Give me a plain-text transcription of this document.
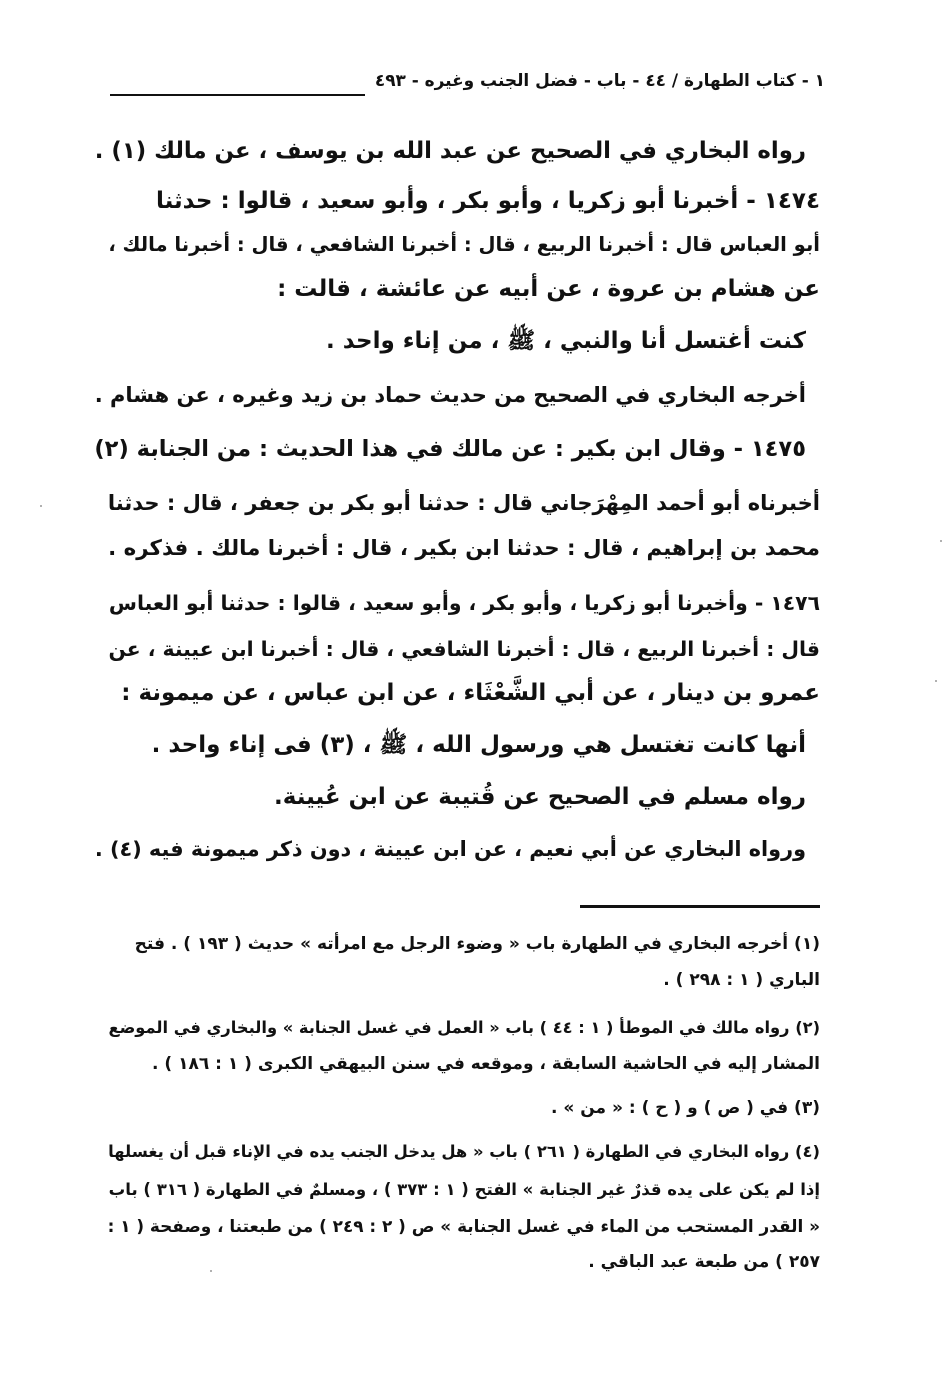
١ - كتاب الطهارة / ٤٤ - باب - فضل الجنب وغيره - ٤٩٣
رواه البخاري في الصحيح عن عبد الله بن يوسف ، عن مالك (١) .
١٤٧٤ - أخبرنا أبو زكريا ، وأبو بكر ، وأبو سعيد ، قالوا : حدثنا
أبو العباس قال : أخبرنا الربيع ، قال : أخبرنا الشافعي ، قال : أخبرنا مالك ،
عن هشام بن عروة ، عن أبيه عن عائشة ، قالت :
كنت أغتسل أنا والنبي ، ﷺ ، من إناء واحد .
أخرجه البخاري في الصحيح من حديث حماد بن زيد وغيره ، عن هشام .
١٤٧٥ - وقال ابن بكير : عن مالك في هذا الحديث : من الجنابة (٢)
أخبرناه أبو أحمد المِهْرَجاني قال : حدثنا أبو بكر بن جعفر ، قال : حدثنا
محمد بن إبراهيم ، قال : حدثنا ابن بكير ، قال : أخبرنا مالك . فذكره .
١٤٧٦ - وأخبرنا أبو زكريا ، وأبو بكر ، وأبو سعيد ، قالوا : حدثنا أبو العباس
قال : أخبرنا الربيع ، قال : أخبرنا الشافعي ، قال : أخبرنا ابن عيينة ، عن
عمرو بن دينار ، عن أبي الشَّعْثَاء ، عن ابن عباس ، عن ميمونة :
أنها كانت تغتسل هي ورسول الله ، ﷺ ، (٣) فى إناء واحد .
رواه مسلم في الصحيح عن قُتيبة عن ابن عُيينة.
ورواه البخاري عن أبي نعيم ، عن ابن عيينة ، دون ذكر ميمونة فيه (٤) .
(١) أخرجه البخاري في الطهارة باب « وضوء الرجل مع امرأته » حديث ( ١٩٣ ) . فتح
الباري ( ١ : ٢٩٨ ) .
(٢) رواه مالك في الموطأ ( ١ : ٤٤ ) باب « العمل في غسل الجنابة » والبخاري في الموضع
المشار إليه في الحاشية السابقة ، وموقعه في سنن البيهقي الكبرى ( ١ : ١٨٦ ) .
(٣) في ( ص ) و ( ح ) : « من » .
(٤) رواه البخاري في الطهارة ( ٢٦١ ) باب « هل يدخل الجنب يده في الإناء قبل أن يغسلها
إذا لم يكن على يده قذرٌ غير الجنابة » الفتح ( ١ : ٣٧٣ ) ، ومسلمٌ في الطهارة ( ٣١٦ ) باب
« القدر المستحب من الماء في غسل الجنابة » ص ( ٢ : ٢٤٩ ) من طبعتنا ، وصفحة ( ١ :
٢٥٧ ) من طبعة عبد الباقي .
